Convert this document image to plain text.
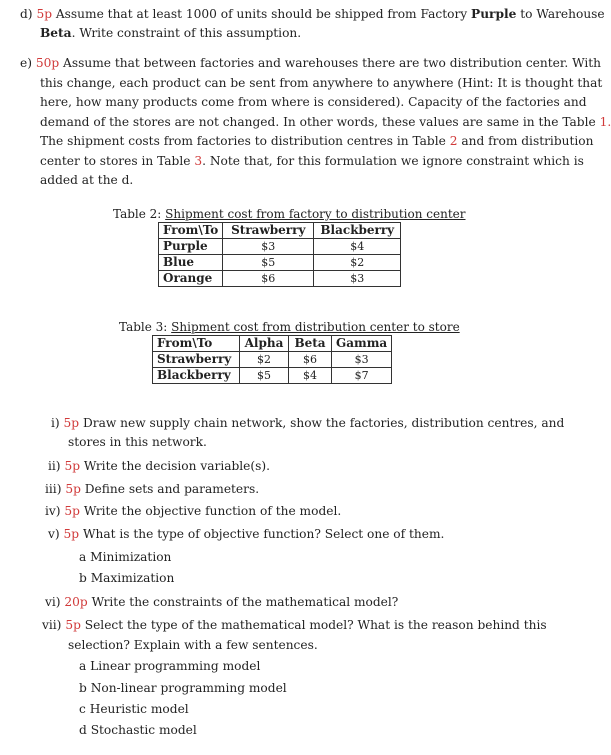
d) 5p Assume that at least 1000 of units should be shipped from Factory Purple to Warehouse
Beta. Write constraint of this assumption.
e) 50p Assume that between factories and warehouses there are two distribution center. With
this change, each product can be sent from anywhere to anywhere (Hint: It is thought that
here, how many products come from where is considered). Capacity of the factories and
demand of the stores are not changed. In other words, these values are same in the Table 1.
The shipment costs from factories to distribution centres in Table 2 and from distribution
center to stores in Table 3. Note that, for this formulation we ignore constraint which is
added at the d.
Table 2: Shipment cost from factory to distribution center
From\To	Strawberry	Blackberry
Purple	$3	$4
Blue	$5	$2
Orange	$6	$3
Table 3: Shipment cost from distribution center to store
From\To	Alpha	Beta	Gamma
Strawberry	$2	$6	$3
Blackberry	$5	$4	$7
i) 5p Draw new supply chain network, show the factories, distribution centres, and
stores in this network.
ii) 5p Write the decision variable(s).
iii) 5p Define sets and parameters.
iv) 5p Write the objective function of the model.
v) 5p What is the type of objective function? Select one of them.
a Minimization
b Maximization
vi) 20p Write the constraints of the mathematical model?
vii) 5p Select the type of the mathematical model? What is the reason behind this
selection? Explain with a few sentences.
a Linear programming model
b Non-linear programming model
c Heuristic model
d Stochastic model
